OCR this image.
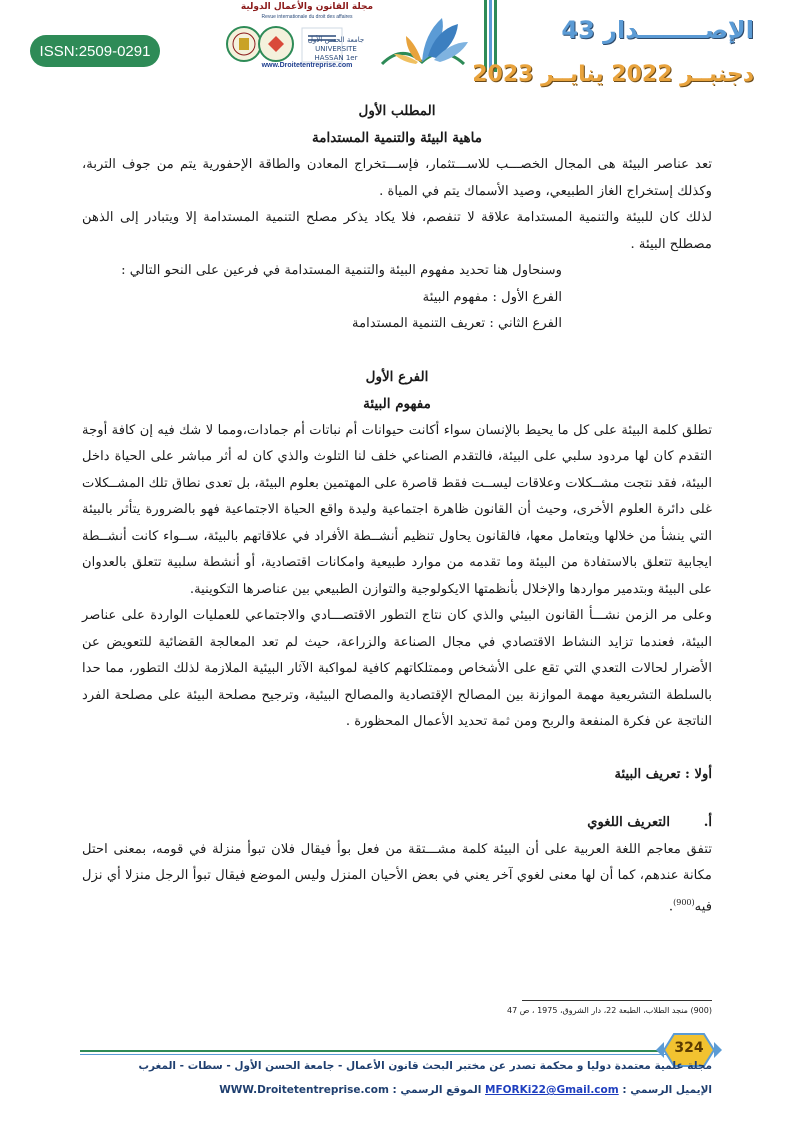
ISSN:2509-0291
مجلة القانون والأعمال الدولية
Revue internationale du droit des affaires
جامعة الحسن الأول UNIVERSITE HASSAN 1er
www.Droitetentreprise.com
الإصــــــــدار 43
دجنبــر 2022 ينايــر 2023

المطلب الأول

ماهية البيئة والتنمية المستدامة

تعد عناصر البيئة هى المجال الخصـــب للاســـتثمار، فإســـتخراج المعادن والطاقة الإحفورية يتم من جوف التربة، وكذلك إستخراج الغاز الطبيعي، وصيد الأسماك يتم في المياة .

لذلك كان للبيئة والتنمية المستدامة علاقة لا تنفصم، فلا يكاد يذكر مصلح التنمية المستدامة إلا ويتبادر إلى الذهن مصطلح البيئة .

وسنحاول هنا تحديد مفهوم البيئة والتنمية المستدامة في فرعين على النحو التالي :

الفرع الأول : مفهوم البيئة

الفرع الثاني : تعريف التنمية المستدامة

الفرع الأول

مفهوم البيئة

تطلق كلمة البيئة على كل ما يحيط بالإنسان سواء أكانت حيوانات أم نباتات أم جمادات،ومما لا شك فيه إن كافة أوجة التقدم كان لها مردود سلبي على البيئة، فالتقدم الصناعي خلف لنا التلوث والذي كان له أثر مباشر على الحياة داخل البيئة، فقد نتجت مشــكلات وعلاقات ليســت فقط قاصرة على المهتمين بعلوم البيئة، بل تعدى نطاق تلك المشــكلات غلى دائرة العلوم الأخرى، وحيث أن القانون ظاهرة اجتماعية وليدة واقع الحياة الاجتماعية فهو بالضرورة يتأثر بالبيئة التي ينشأ من خلالها ويتعامل معها، فالقانون يحاول تنظيم أنشــطة الأفراد في علاقاتهم بالبيئة، ســواء كانت أنشــطة ايجابية تتعلق بالاستفادة من البيئة وما تقدمه من موارد طبيعية وامكانات اقتصادية، أو أنشطة سلبية تتعلق بالعدوان على البيئة وبتدمير مواردها والإخلال بأنظمتها الايكولوجية والتوازن الطبيعي بين عناصرها التكوينية.

وعلى مر الزمن نشـــأ القانون البيئي والذي كان نتاج التطور الاقتصـــادي والاجتماعي للعمليات الواردة على عناصر البيئة، فعندما تزايد النشاط الاقتصادي في مجال الصناعة والزراعة، حيث لم تعد المعالجة القضائية للتعويض عن الأضرار لحالات التعدي التي تقع على الأشخاص وممتلكاتهم كافية لمواكبة الآثار البيئية الملازمة لذلك التطور، مما حدا بالسلطة التشريعية مهمة الموازنة بين المصالح الإقتصادية والمصالح البيئية، وترجيح مصلحة البيئة على مصلحة الفرد الناتجة عن فكرة المنفعة والربح ومن ثمة تحديد الأعمال المحظورة .

أولا : تعريف البيئة

أ.التعريف اللغوي

تتفق معاجم اللغة العربية على أن البيئة كلمة مشـــتقة من فعل بوأ فيقال فلان تبوأ منزلة في قومه، بمعنى احتل مكانة عندهم، كما أن لها معنى لغوي آخر يعني في بعض الأحيان المنزل وليس الموضع فيقال تبوأ الرجل منزلا أي نزل فيه$^{(900)}$.

(900) منجد الطلاب، الطبعة 22، دار الشروق، 1975 ، ص 47
324
مجلة علمية معتمدة دوليا و محكمة تصدر عن مختبر البحث قانون الأعمال - جامعة الحسن الأول - سطات - المغرب
الإيميل الرسمي : MFORKi22@Gmail.com الموقع الرسمي : WWW.Droitetentreprise.com
